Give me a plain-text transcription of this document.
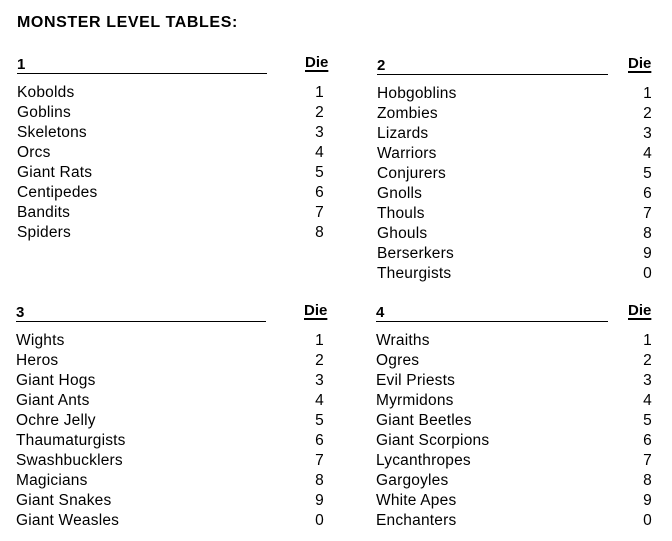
MONSTER LEVEL TABLES:
1	Die
Kobolds	1
Goblins	2
Skeletons	3
Orcs	4
Giant Rats	5
Centipedes	6
Bandits	7
Spiders	8
2	Die
Hobgoblins	1
Zombies	2
Lizards	3
Warriors	4
Conjurers	5
Gnolls	6
Thouls	7
Ghouls	8
Berserkers	9
Theurgists	0
3	Die
Wights	1
Heros	2
Giant Hogs	3
Giant Ants	4
Ochre Jelly	5
Thaumaturgists	6
Swashbucklers	7
Magicians	8
Giant Snakes	9
Giant Weasles	0
4	Die
Wraiths	1
Ogres	2
Evil Priests	3
Myrmidons	4
Giant Beetles	5
Giant Scorpions	6
Lycanthropes	7
Gargoyles	8
White Apes	9
Enchanters	0
